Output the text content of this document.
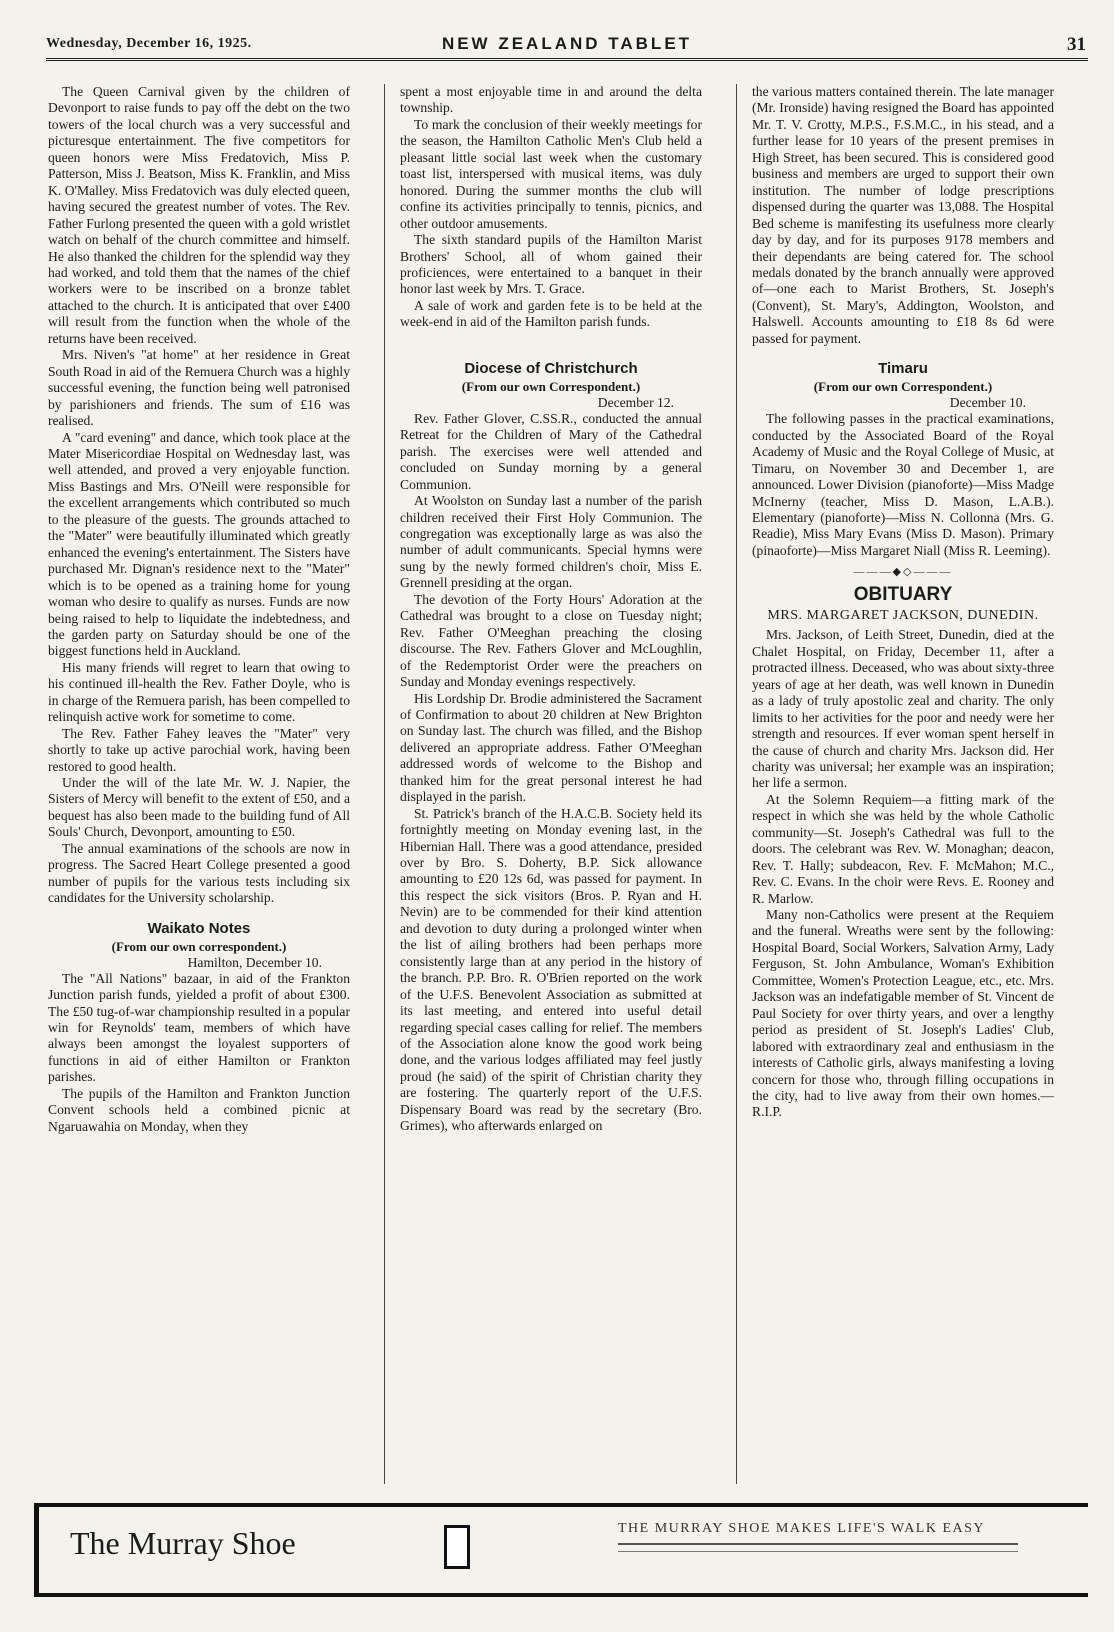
Wednesday, December 16, 1925.	NEW ZEALAND TABLET	31

The Queen Carnival given by the children of Devonport to raise funds to pay off the debt on the two towers of the local church was a very successful and picturesque entertainment. The five competitors for queen honors were Miss Fredatovich, Miss P. Patterson, Miss J. Beatson, Miss K. Franklin, and Miss K. O'Malley. Miss Fredatovich was duly elected queen, having secured the greatest number of votes. The Rev. Father Furlong presented the queen with a gold wristlet watch on behalf of the church committee and himself. He also thanked the children for the splendid way they had worked, and told them that the names of the chief workers were to be inscribed on a bronze tablet attached to the church. It is anticipated that over £400 will result from the function when the whole of the returns have been received.

Mrs. Niven's "at home" at her residence in Great South Road in aid of the Remuera Church was a highly successful evening, the function being well patronised by parishioners and friends. The sum of £16 was realised.

A "card evening" and dance, which took place at the Mater Misericordiae Hospital on Wednesday last, was well attended, and proved a very enjoyable function. Miss Bastings and Mrs. O'Neill were responsible for the excellent arrangements which contributed so much to the pleasure of the guests. The grounds attached to the "Mater" were beautifully illuminated which greatly enhanced the evening's entertainment. The Sisters have purchased Mr. Dignan's residence next to the "Mater" which is to be opened as a training home for young woman who desire to qualify as nurses. Funds are now being raised to help to liquidate the indebtedness, and the garden party on Saturday should be one of the biggest functions held in Auckland.

His many friends will regret to learn that owing to his continued ill-health the Rev. Father Doyle, who is in charge of the Remuera parish, has been compelled to relinquish active work for sometime to come.

The Rev. Father Fahey leaves the "Mater" very shortly to take up active parochial work, having been restored to good health.

Under the will of the late Mr. W. J. Napier, the Sisters of Mercy will benefit to the extent of £50, and a bequest has also been made to the building fund of All Souls' Church, Devonport, amounting to £50.

The annual examinations of the schools are now in progress. The Sacred Heart College presented a good number of pupils for the various tests including six candidates for the University scholarship.

Waikato Notes
(From our own correspondent.)
Hamilton, December 10.

The "All Nations" bazaar, in aid of the Frankton Junction parish funds, yielded a profit of about £300. The £50 tug-of-war championship resulted in a popular win for Reynolds' team, members of which have always been amongst the loyalest supporters of functions in aid of either Hamilton or Frankton parishes.

The pupils of the Hamilton and Frankton Junction Convent schools held a combined picnic at Ngaruawahia on Monday, when they

spent a most enjoyable time in and around the delta township.

To mark the conclusion of their weekly meetings for the season, the Hamilton Catholic Men's Club held a pleasant little social last week when the customary toast list, interspersed with musical items, was duly honored. During the summer months the club will confine its activities principally to tennis, picnics, and other outdoor amusements.

The sixth standard pupils of the Hamilton Marist Brothers' School, all of whom gained their proficiences, were entertained to a banquet in their honor last week by Mrs. T. Grace.

A sale of work and garden fete is to be held at the week-end in aid of the Hamilton parish funds.

Diocese of Christchurch
(From our own Correspondent.)
December 12.

Rev. Father Glover, C.SS.R., conducted the annual Retreat for the Children of Mary of the Cathedral parish. The exercises were well attended and concluded on Sunday morning by a general Communion.

At Woolston on Sunday last a number of the parish children received their First Holy Communion. The congregation was exceptionally large as was also the number of adult communicants. Special hymns were sung by the newly formed children's choir, Miss E. Grennell presiding at the organ.

The devotion of the Forty Hours' Adoration at the Cathedral was brought to a close on Tuesday night; Rev. Father O'Meeghan preaching the closing discourse. The Rev. Fathers Glover and McLoughlin, of the Redemptorist Order were the preachers on Sunday and Monday evenings respectively.

His Lordship Dr. Brodie administered the Sacrament of Confirmation to about 20 children at New Brighton on Sunday last. The church was filled, and the Bishop delivered an appropriate address. Father O'Meeghan addressed words of welcome to the Bishop and thanked him for the great personal interest he had displayed in the parish.

St. Patrick's branch of the H.A.C.B. Society held its fortnightly meeting on Monday evening last, in the Hibernian Hall. There was a good attendance, presided over by Bro. S. Doherty, B.P. Sick allowance amounting to £20 12s 6d, was passed for payment. In this respect the sick visitors (Bros. P. Ryan and H. Nevin) are to be commended for their kind attention and devotion to duty during a prolonged winter when the list of ailing brothers had been perhaps more consistently large than at any period in the history of the branch. P.P. Bro. R. O'Brien reported on the work of the U.F.S. Benevolent Association as submitted at its last meeting, and entered into useful detail regarding special cases calling for relief. The members of the Association alone know the good work being done, and the various lodges affiliated may feel justly proud (he said) of the spirit of Christian charity they are fostering. The quarterly report of the U.F.S. Dispensary Board was read by the secretary (Bro. Grimes), who afterwards enlarged on

the various matters contained therein. The late manager (Mr. Ironside) having resigned the Board has appointed Mr. T. V. Crotty, M.P.S., F.S.M.C., in his stead, and a further lease for 10 years of the present premises in High Street, has been secured. This is considered good business and members are urged to support their own institution. The number of lodge prescriptions dispensed during the quarter was 13,088. The Hospital Bed scheme is manifesting its usefulness more clearly day by day, and for its purposes 9178 members and their dependants are being catered for. The school medals donated by the branch annually were approved of—one each to Marist Brothers, St. Joseph's (Convent), St. Mary's, Addington, Woolston, and Halswell. Accounts amounting to £18 8s 6d were passed for payment.

Timaru
(From our own Correspondent.)
December 10.

The following passes in the practical examinations, conducted by the Associated Board of the Royal Academy of Music and the Royal College of Music, at Timaru, on November 30 and December 1, are announced. Lower Division (pianoforte)—Miss Madge McInerny (teacher, Miss D. Mason, L.A.B.). Elementary (pianoforte)—Miss N. Collonna (Mrs. G. Readie), Miss Mary Evans (Miss D. Mason). Primary (pinaoforte)—Miss Margaret Niall (Miss R. Leeming).

———◆◇———
OBITUARY
MRS. MARGARET JACKSON, DUNEDIN.

Mrs. Jackson, of Leith Street, Dunedin, died at the Chalet Hospital, on Friday, December 11, after a protracted illness. Deceased, who was about sixty-three years of age at her death, was well known in Dunedin as a lady of truly apostolic zeal and charity. The only limits to her activities for the poor and needy were her strength and resources. If ever woman spent herself in the cause of church and charity Mrs. Jackson did. Her charity was universal; her example was an inspiration; her life a sermon.

At the Solemn Requiem—a fitting mark of the respect in which she was held by the whole Catholic community—St. Joseph's Cathedral was full to the doors. The celebrant was Rev. W. Monaghan; deacon, Rev. T. Hally; subdeacon, Rev. F. McMahon; M.C., Rev. C. Evans. In the choir were Revs. E. Rooney and R. Marlow.

Many non-Catholics were present at the Requiem and the funeral. Wreaths were sent by the following: Hospital Board, Social Workers, Salvation Army, Lady Ferguson, St. John Ambulance, Woman's Exhibition Committee, Women's Protection League, etc., etc. Mrs. Jackson was an indefatigable member of St. Vincent de Paul Society for over thirty years, and over a lengthy period as president of St. Joseph's Ladies' Club, labored with extraordinary zeal and enthusiasm in the interests of Catholic girls, always manifesting a loving concern for those who, through filling occupations in the city, had to live away from their own homes.—R.I.P.

The Murray Shoe	THE MURRAY SHOE MAKES LIFE'S WALK EASY
